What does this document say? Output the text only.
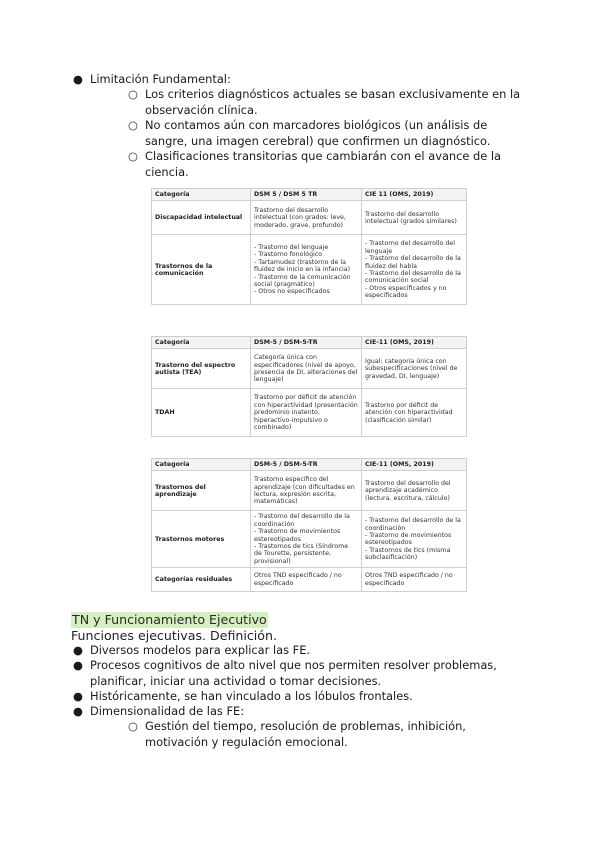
● Limitación Fundamental:
○ Los criterios diagnósticos actuales se basan exclusivamente en la
observación clínica.
○ No contamos aún con marcadores biológicos (un análisis de
sangre, una imagen cerebral) que confirmen un diagnóstico.
○ Clasificaciones transitorias que cambiarán con el avance de la
ciencia.
Categoría	DSM 5 / DSM 5 TR	CIE 11 (OMS, 2019)
Discapacidad intelectual	Trastorno del desarrollo intelectual (con grados: leve, moderado, grave, profundo)	Trastorno del desarrollo intelectual (grados similares)
Trastornos de la comunicación	- Trastorno del lenguaje
- Trastorno fonológico
- Tartamudez (trastorno de la fluidez de inicio en la infancia)
- Trastorno de la comunicación social (pragmático)
- Otros no especificados	- Trastorno del desarrollo del lenguaje
- Trastorno del desarrollo de la fluidez del habla
- Trastorno del desarrollo de la comunicación social
- Otros especificados y no especificados
Categoría	DSM-5 / DSM-5-TR	CIE-11 (OMS, 2019)
Trastorno del espectro autista (TEA)	Categoría única con especificadores (nivel de apoyo, presencia de DI, alteraciones del lenguaje)	Igual: categoría única con subespecificaciones (nivel de gravedad, DI, lenguaje)
TDAH	Trastorno por déficit de atención con hiperactividad (presentación predominio inatento, hiperactivo-impulsivo o combinado)	Trastorno por déficit de atención con hiperactividad (clasificación similar)
Categoría	DSM-5 / DSM-5-TR	CIE-11 (OMS, 2019)
Trastornos del aprendizaje	Trastorno específico del aprendizaje (con dificultades en lectura, expresión escrita, matemáticas)	Trastorno del desarrollo del aprendizaje académico (lectura, escritura, cálculo)
Trastornos motores	- Trastorno del desarrollo de la coordinación
- Trastorno de movimientos estereotipados
- Trastornos de tics (Síndrome de Tourette, persistente, provisional)	- Trastorno del desarrollo de la coordinación
- Trastorno de movimientos estereotipados
- Trastornos de tics (misma subclasificación)
Categorías residuales	Otros TND especificado / no especificado	Otros TND especificado / no especificado
TN y Funcionamiento Ejecutivo
Funciones ejecutivas. Definición.
● Diversos modelos para explicar las FE.
● Procesos cognitivos de alto nivel que nos permiten resolver problemas,
planificar, iniciar una actividad o tomar decisiones.
● Históricamente, se han vinculado a los lóbulos frontales.
● Dimensionalidad de las FE:
○ Gestión del tiempo, resolución de problemas, inhibición,
motivación y regulación emocional.
